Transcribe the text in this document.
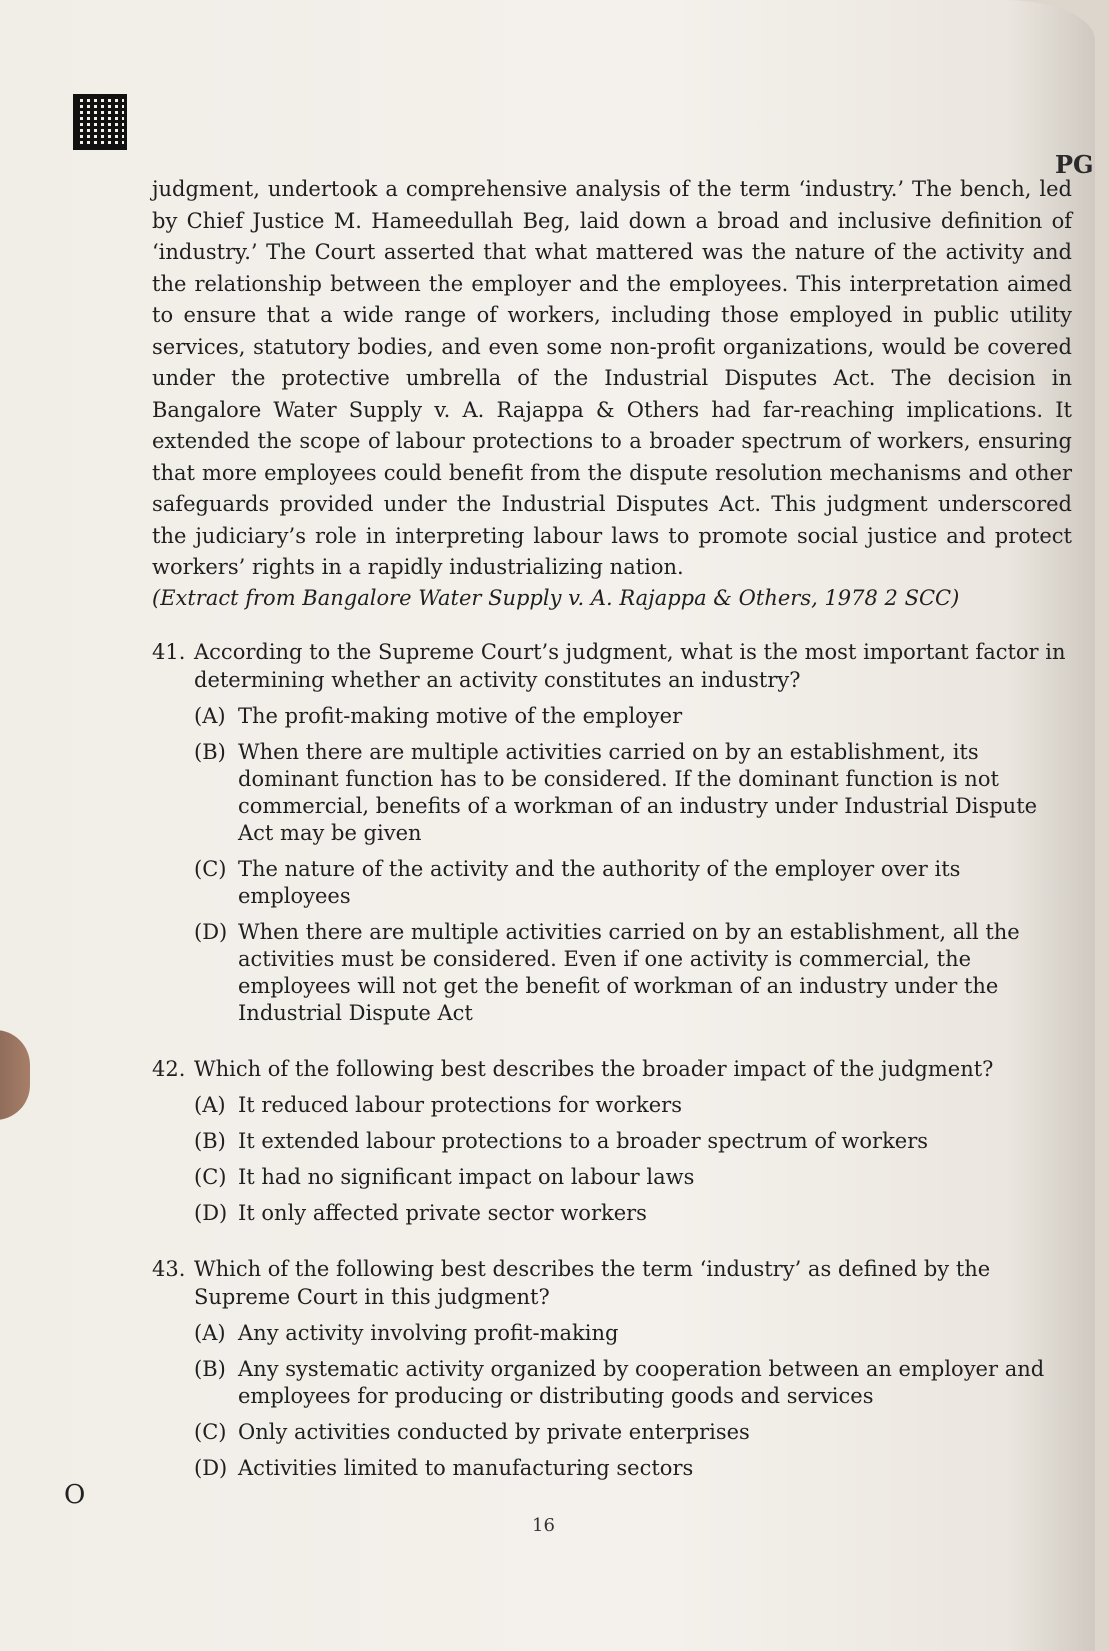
PG

judgment, undertook a comprehensive analysis of the term ‘industry.’ The bench, led by Chief Justice M. Hameedullah Beg, laid down a broad and inclusive definition of ‘industry.’ The Court asserted that what mattered was the nature of the activity and the relationship between the employer and the employees. This interpretation aimed to ensure that a wide range of workers, including those employed in public utility services, statutory bodies, and even some non-profit organizations, would be covered under the protective umbrella of the Industrial Disputes Act. The decision in Bangalore Water Supply v. A. Rajappa & Others had far-reaching implications. It extended the scope of labour protections to a broader spectrum of workers, ensuring that more employees could benefit from the dispute resolution mechanisms and other safeguards provided under the Industrial Disputes Act. This judgment underscored the judiciary’s role in interpreting labour laws to promote social justice and protect workers’ rights in a rapidly industrializing nation.

(Extract from Bangalore Water Supply v. A. Rajappa & Others, 1978 2 SCC)

41. According to the Supreme Court’s judgment, what is the most important factor in determining whether an activity constitutes an industry?
(A) The profit-making motive of the employer
(B) When there are multiple activities carried on by an establishment, its dominant function has to be considered. If the dominant function is not commercial, benefits of a workman of an industry under Industrial Dispute Act may be given
(C) The nature of the activity and the authority of the employer over its employees
(D) When there are multiple activities carried on by an establishment, all the activities must be considered. Even if one activity is commercial, the employees will not get the benefit of workman of an industry under the Industrial Dispute Act
42. Which of the following best describes the broader impact of the judgment?
(A) It reduced labour protections for workers
(B) It extended labour protections to a broader spectrum of workers
(C) It had no significant impact on labour laws
(D) It only affected private sector workers
43. Which of the following best describes the term ‘industry’ as defined by the Supreme Court in this judgment?
(A) Any activity involving profit-making
(B) Any systematic activity organized by cooperation between an employer and employees for producing or distributing goods and services
(C) Only activities conducted by private enterprises
(D) Activities limited to manufacturing sectors
O
16
